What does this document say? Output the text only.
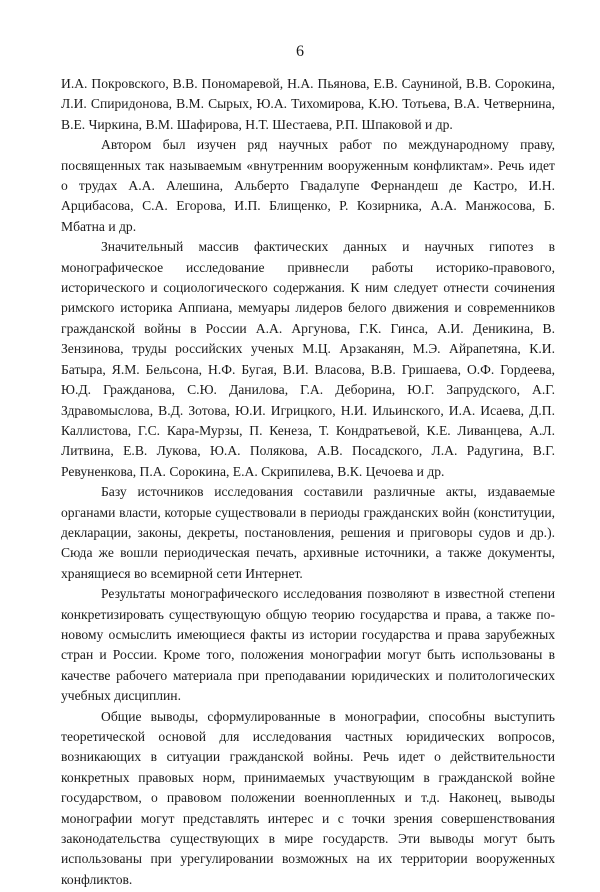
6

И.А. Покровского, В.В. Пономаревой, Н.А. Пьянова, Е.В. Сауниной, В.В. Сорокина, Л.И. Спиридонова, В.М. Сырых, Ю.А. Тихомирова, К.Ю. Тотьева, В.А. Четвернина, В.Е. Чиркина, В.М. Шафирова, Н.Т. Шестаева, Р.П. Шпаковой и др.

Автором был изучен ряд научных работ по международному праву, посвященных так называемым «внутренним вооруженным конфликтам». Речь идет о трудах А.А. Алешина, Альберто Гвадалупе Фернандеш де Кастро, И.Н. Арцибасова, С.А. Егорова, И.П. Блищенко, Р. Козирника, А.А. Манжосова, Б. Мбатна и др.

Значительный массив фактических данных и научных гипотез в монографическое исследование привнесли работы историко-правового, исторического и социологического содержания. К ним следует отнести сочинения римского историка Аппиана, мемуары лидеров белого движения и современников гражданской войны в России А.А. Аргунова, Г.К. Гинса, А.И. Деникина, В. Зензинова, труды российских ученых М.Ц. Арзаканян, М.Э. Айрапетяна, К.И. Батыра, Я.М. Бельсона, Н.Ф. Бугая, В.И. Власова, В.В. Гришаева, О.Ф. Гордеева, Ю.Д. Гражданова, С.Ю. Данилова, Г.А. Деборина, Ю.Г. Запрудского, А.Г. Здравомыслова, В.Д. Зотова, Ю.И. Игрицкого, Н.И. Ильинского, И.А. Исаева, Д.П. Каллистова, Г.С. Кара-Мурзы, П. Кенеза, Т. Кондратьевой, К.Е. Ливанцева, А.Л. Литвина, Е.В. Лукова, Ю.А. Полякова, А.В. Посадского, Л.А. Радугина, В.Г. Ревуненкова, П.А. Сорокина, Е.А. Скрипилева, В.К. Цечоева и др.

Базу источников исследования составили различные акты, издаваемые органами власти, которые существовали в периоды гражданских войн (конституции, декларации, законы, декреты, постановления, решения и приговоры судов и др.). Сюда же вошли периодическая печать, архивные источники, а также документы, хранящиеся во всемирной сети Интернет.

Результаты монографического исследования позволяют в известной степени конкретизировать существующую общую теорию государства и права, а также по-новому осмыслить имеющиеся факты из истории государства и права зарубежных стран и России. Кроме того, положения монографии могут быть использованы в качестве рабочего материала при преподавании юридических и политологических учебных дисциплин.

Общие выводы, сформулированные в монографии, способны выступить теоретической основой для исследования частных юридических вопросов, возникающих в ситуации гражданской войны. Речь идет о действительности конкретных правовых норм, принимаемых участвующим в гражданской войне государством, о правовом положении военнопленных и т.д. Наконец, выводы монографии могут представлять интерес и с точки зрения совершенствования законодательства существующих в мире государств. Эти выводы могут быть использованы при урегулировании возможных на их территории вооруженных конфликтов.
